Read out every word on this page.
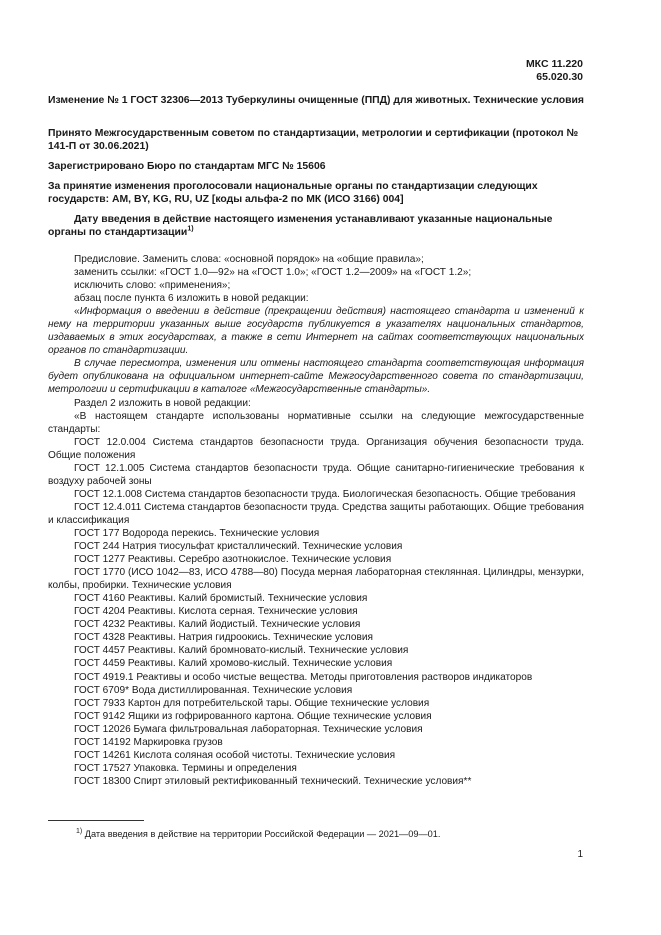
МКС 11.220
65.020.30
Изменение № 1 ГОСТ 32306—2013 Туберкулины очищенные (ППД) для животных. Технические условия
Принято Межгосударственным советом по стандартизации, метрологии и сертификации (протокол № 141-П от 30.06.2021)
Зарегистрировано Бюро по стандартам МГС № 15606
За принятие изменения проголосовали национальные органы по стандартизации следующих государств: AM, BY, KG, RU, UZ [коды альфа-2 по МК (ИСО 3166) 004]
Дату введения в действие настоящего изменения устанавливают указанные национальные органы по стандартизации$^{1)}$

Предисловие. Заменить слова: «основной порядок» на «общие правила»;

заменить ссылки: «ГОСТ 1.0—92» на «ГОСТ 1.0»; «ГОСТ 1.2—2009» на «ГОСТ 1.2»;

исключить слово: «применения»;

абзац после пункта 6 изложить в новой редакции:

«Информация о введении в действие (прекращении действия) настоящего стандарта и изменений к нему на территории указанных выше государств публикуется в указателях национальных стандартов, издаваемых в этих государствах, а также в сети Интернет на сайтах соответствующих национальных органов по стандартизации.

В случае пересмотра, изменения или отмены настоящего стандарта соответствующая информация будет опубликована на официальном интернет-сайте Межгосударственного совета по стандартизации, метрологии и сертификации в каталоге «Межгосударственные стандарты».

Раздел 2 изложить в новой редакции:

«В настоящем стандарте использованы нормативные ссылки на следующие межгосударственные стандарты:

ГОСТ 12.0.004 Система стандартов безопасности труда. Организация обучения безопасности труда. Общие положения

ГОСТ 12.1.005 Система стандартов безопасности труда. Общие санитарно-гигиенические требования к воздуху рабочей зоны

ГОСТ 12.1.008 Система стандартов безопасности труда. Биологическая безопасность. Общие требования

ГОСТ 12.4.011 Система стандартов безопасности труда. Средства защиты работающих. Общие требования и классификация

ГОСТ 177 Водорода перекись. Технические условия

ГОСТ 244 Натрия тиосульфат кристаллический. Технические условия

ГОСТ 1277 Реактивы. Серебро азотнокислое. Технические условия

ГОСТ 1770 (ИСО 1042—83, ИСО 4788—80) Посуда мерная лабораторная стеклянная. Цилиндры, мензурки, колбы, пробирки. Технические условия

ГОСТ 4160 Реактивы. Калий бромистый. Технические условия

ГОСТ 4204 Реактивы. Кислота серная. Технические условия

ГОСТ 4232 Реактивы. Калий йодистый. Технические условия

ГОСТ 4328 Реактивы. Натрия гидроокись. Технические условия

ГОСТ 4457 Реактивы. Калий бромновато-кислый. Технические условия

ГОСТ 4459 Реактивы. Калий хромово-кислый. Технические условия

ГОСТ 4919.1 Реактивы и особо чистые вещества. Методы приготовления растворов индикаторов

ГОСТ 6709* Вода дистиллированная. Технические условия

ГОСТ 7933 Картон для потребительской тары. Общие технические условия

ГОСТ 9142 Ящики из гофрированного картона. Общие технические условия

ГОСТ 12026 Бумага фильтровальная лабораторная. Технические условия

ГОСТ 14192 Маркировка грузов

ГОСТ 14261 Кислота соляная особой чистоты. Технические условия

ГОСТ 17527 Упаковка. Термины и определения

ГОСТ 18300 Спирт этиловый ректификованный технический. Технические условия**

$^{1)}$ Дата введения в действие на территории Российской Федерации — 2021—09—01.
1
